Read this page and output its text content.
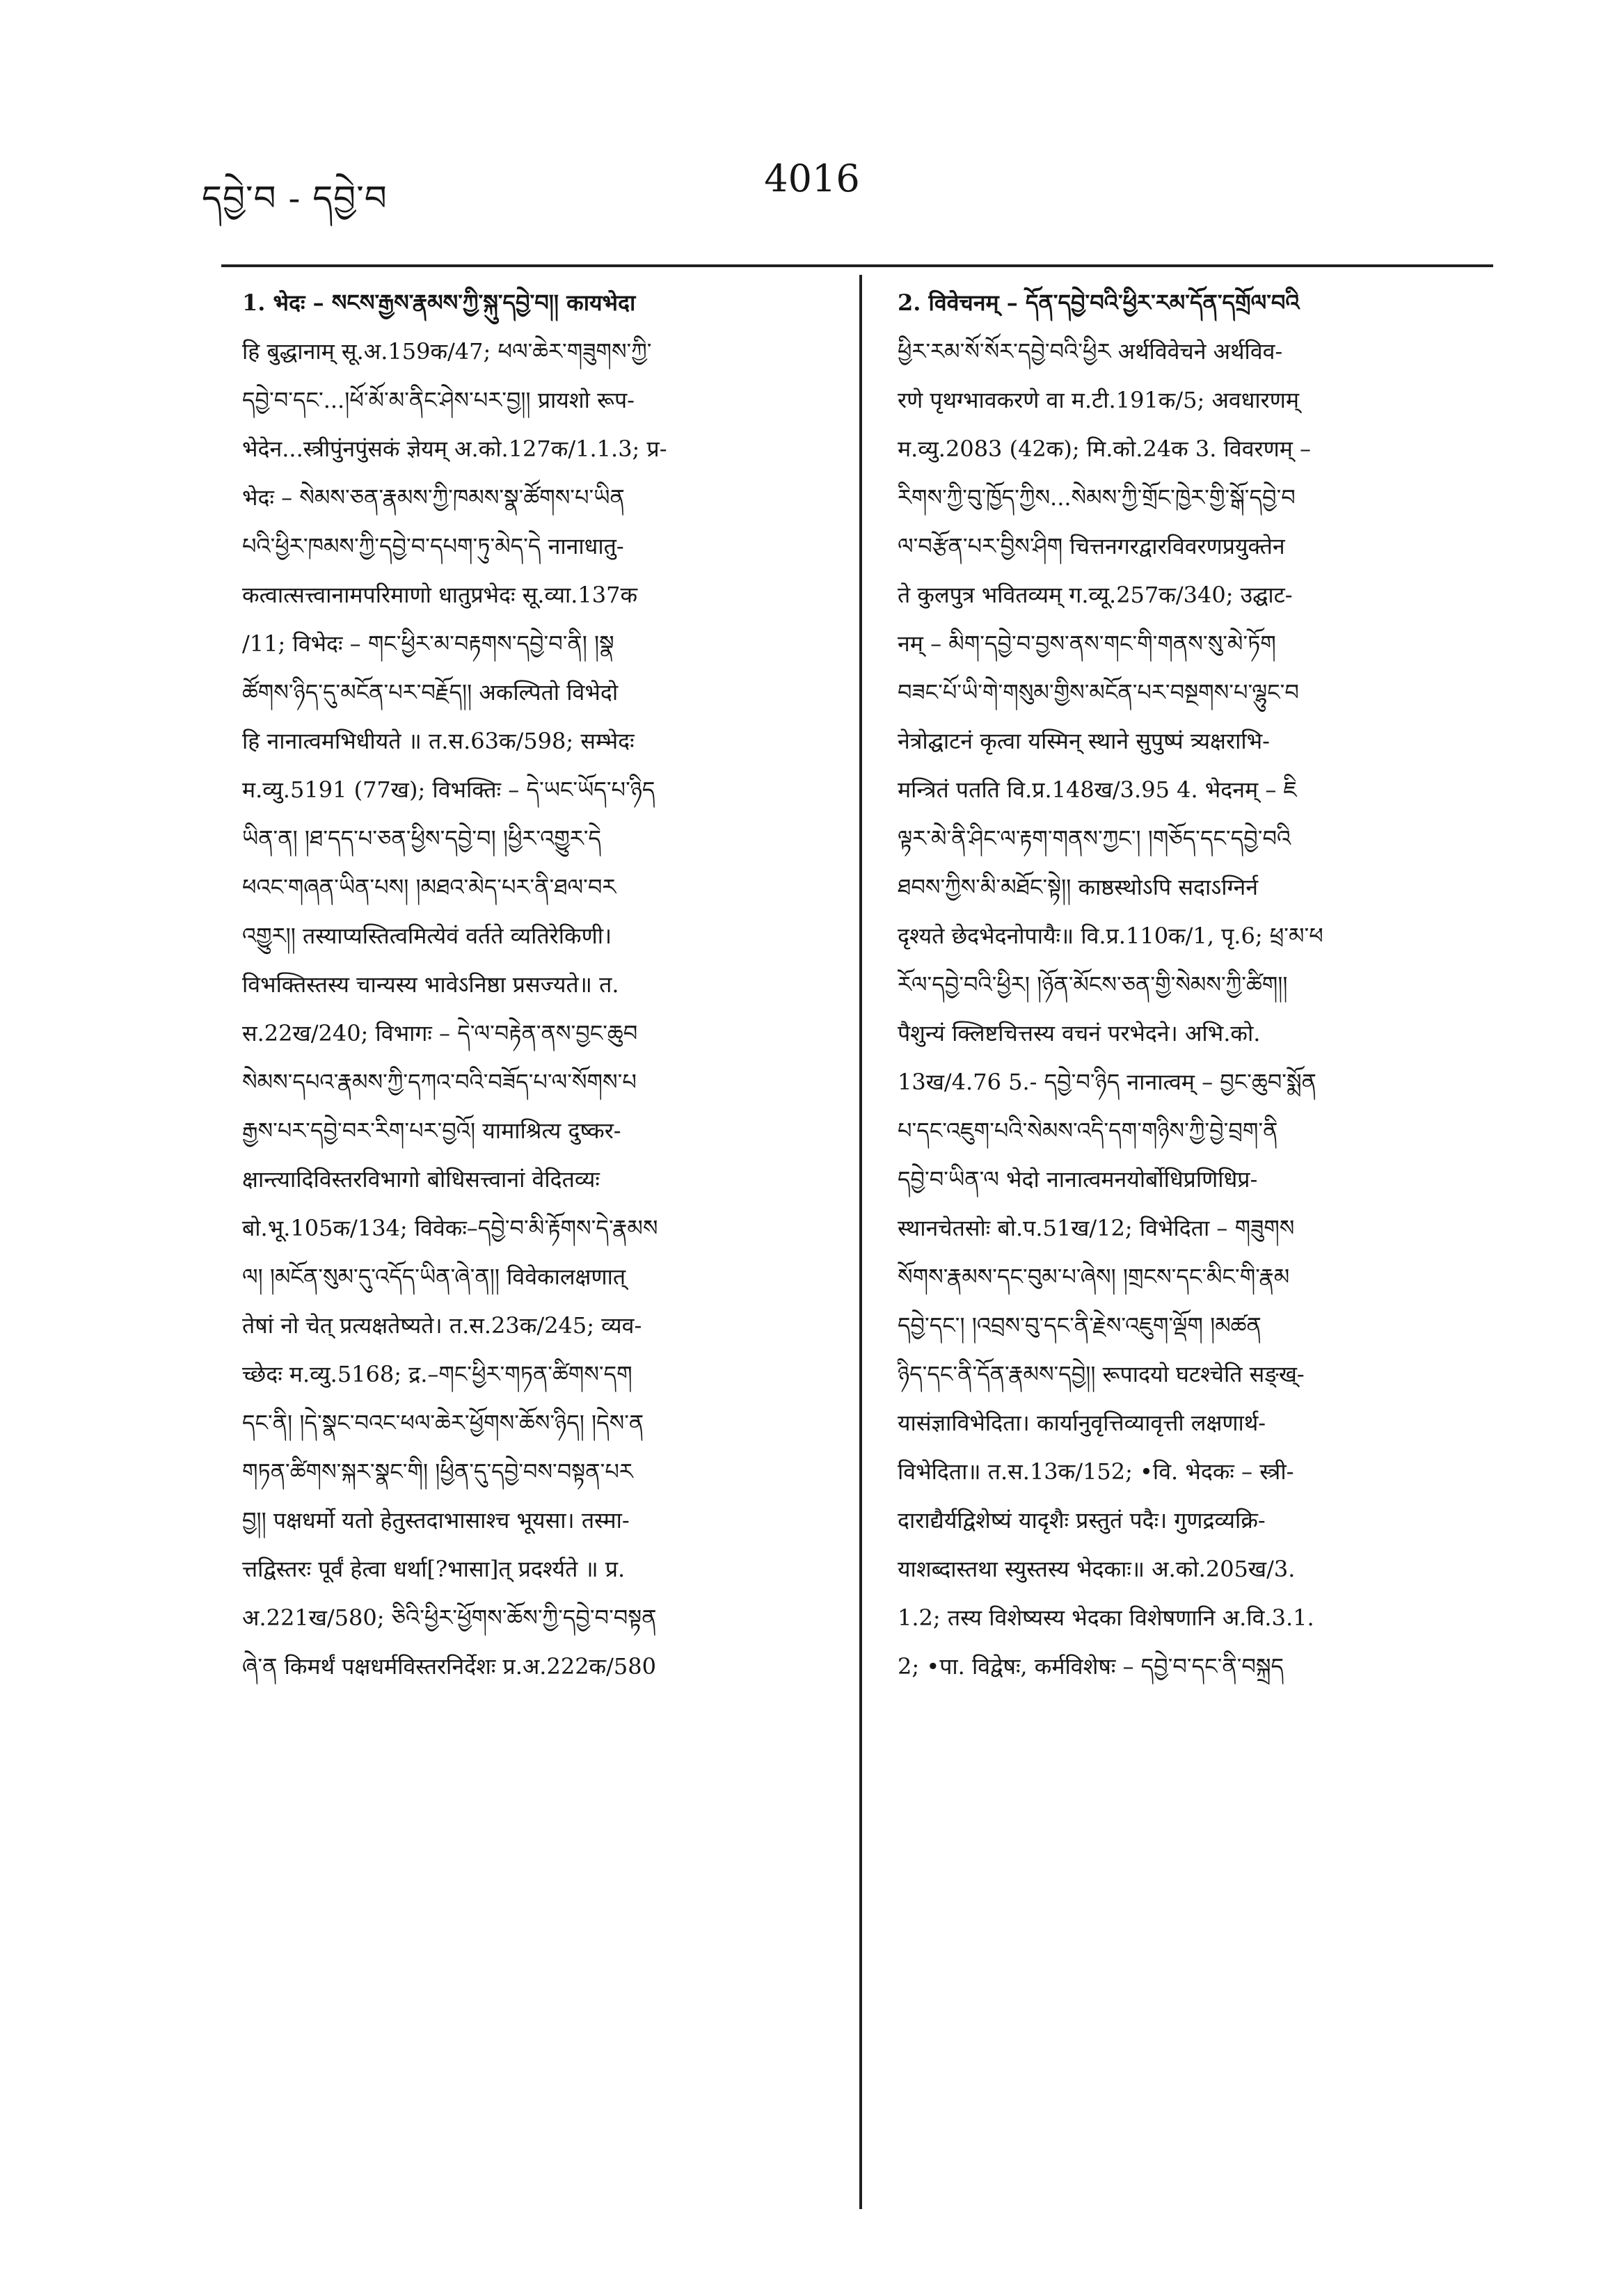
དབྱེ་བ - དབྱེ་བ	4016
1. भेदः – སངས་རྒྱས་རྣམས་ཀྱི་སྐུ་དབྱེ་བ།། कायभेदा
हि बुद्धानाम् सू.अ.159क/47; ཕལ་ཆེར་གཟུགས་ཀྱི་
དབྱེ་བ་དང་...།ཕོ་མོ་མ་ནིང་ཤེས་པར་བྱ།། प्रायशो रूप-
भेदेन...स्त्रीपुंनपुंसकं ज्ञेयम् अ.को.127क/1.1.3; प्र-
भेदः – སེམས་ཅན་རྣམས་ཀྱི་ཁམས་སྣ་ཚོགས་པ་ཡིན
པའི་ཕྱིར་ཁམས་ཀྱི་དབྱེ་བ་དཔག་ཏུ་མེད་དེ नानाधातु-
कत्वात्सत्त्वानामपरिमाणो धातुप्रभेदः सू.व्या.137क
/11; विभेदः – གང་ཕྱིར་མ་བརྟགས་དབྱེ་བ་ནི། །སྣ
ཚོགས་ཉིད་དུ་མངོན་པར་བརྗོད།། अकल्पितो विभेदो
हि नानात्वमभिधीयते ॥ त.स.63क/598; सम्भेदः
म.व्यु.5191 (77ख); विभक्तिः – དེ་ཡང་ཡོད་པ་ཉིད
ཡིན་ན། །ཐ་དད་པ་ཅན་ཕྱིས་དབྱེ་བ། །ཕྱིར་འགྱུར་དེ
ཕའང་གཞན་ཡིན་པས། །མཐའ་མེད་པར་ནི་ཐལ་བར
འགྱུར།། तस्याप्यस्तित्वमित्येवं वर्तते व्यतिरेकिणी।
विभक्तिस्तस्य चान्यस्य भावेऽनिष्ठा प्रसज्यते॥ त.
स.22ख/240; विभागः – དེ་ལ་བརྟེན་ནས་བྱང་ཆུབ
སེམས་དཔའ་རྣམས་ཀྱི་དཀའ་བའི་བཟོད་པ་ལ་སོགས་པ
རྒྱས་པར་དབྱེ་བར་རིག་པར་བྱའོ། यामाश्रित्य दुष्कर-
क्षान्त्यादिविस्तरविभागो बोधिसत्त्वानां वेदितव्यः
बो.भू.105क/134; विवेकः–དབྱེ་བ་མི་རྟོགས་དེ་རྣམས
ལ། །མངོན་སུམ་དུ་འདོད་ཡིན་ཞེ་ན།། विवेकालक्षणात्
तेषां नो चेत् प्रत्यक्षतेष्यते। त.स.23क/245; व्यव-
च्छेदः म.व्यु.5168; द्र.–གང་ཕྱིར་གཏན་ཚིགས་དག
དང་ནི། །དེ་སྣང་བའང་ཕལ་ཆེར་ཕྱོགས་ཆོས་ཉིད། །དེས་ན
གཏན་ཚིགས་སྐར་སྣང་གི། །ཕྱིན་དུ་དབྱེ་བས་བསྟན་པར
བྱ།། पक्षधर्मो यतो हेतुस्तदाभासाश्च भूयसा। तस्मा-
त्तद्विस्तरः पूर्वं हेत्वा धर्था[?भासा]त् प्रदर्श्यते ॥ प्र.
अ.221ख/580; ཅིའི་ཕྱིར་ཕྱོགས་ཆོས་ཀྱི་དབྱེ་བ་བསྟན
ཞེ་ན किमर्थं पक्षधर्मविस्तरनिर्देशः प्र.अ.222क/580
2. विवेचनम् – དོན་དབྱེ་བའི་ཕྱིར་རམ་དོན་དགྲོལ་བའི
ཕྱིར་རམ་སོ་སོར་དབྱེ་བའི་ཕྱིར अर्थविवेचने अर्थविव-
रणे पृथग्भावकरणे वा म.टी.191क/5; अवधारणम्
म.व्यु.2083 (42क); मि.को.24क 3. विवरणम् –
རིགས་ཀྱི་བུ་ཁྱོད་ཀྱིས...སེམས་ཀྱི་གྲོང་ཁྱེར་གྱི་སྒོ་དབྱེ་བ
ལ་བརྩོན་པར་བྱིས་ཤིག चित्तनगरद्वारविवरणप्रयुक्तेन
ते कुलपुत्र भवितव्यम् ग.व्यू.257क/340; उद्घाट-
नम् – མིག་དབྱེ་བ་བྱས་ནས་གང་གི་གནས་སུ་མེ་ཏོག
བཟང་པོ་ཡི་གེ་གསུམ་གྱིས་མངོན་པར་བསྔགས་པ་ལྷུང་བ
नेत्रोद्घाटनं कृत्वा यस्मिन् स्थाने सुपुष्पं त्र्यक्षराभि-
मन्त्रितं पतति वि.प्र.148ख/3.95 4. भेदनम् – ཇི
ལྟར་མེ་ནི་ཤིང་ལ་རྟག་གནས་ཀྱང་། །གཅོད་དང་དབྱེ་བའི
ཐབས་ཀྱིས་མི་མཐོང་སྟེ།། काष्ठस्थोऽपि सदाऽग्निर्न
दृश्यते छेदभेदनोपायैः॥ वि.प्र.110क/1, पृ.6; ཕྲ་མ་ཕ
རོལ་དབྱེ་བའི་ཕྱིར། །ཉོན་མོངས་ཅན་གྱི་སེམས་ཀྱི་ཚིག།།
पैशुन्यं क्लिष्टचित्तस्य वचनं परभेदने। अभि.को.
13ख/4.76 5.- དབྱེ་བ་ཉིད नानात्वम् – བྱང་ཆུབ་སྨོན
པ་དང་འཇུག་པའི་སེམས་འདི་དག་གཉིས་ཀྱི་བྱེ་བྲག་ནི
དབྱེ་བ་ཡིན་ལ भेदो नानात्वमनयोर्बोधिप्रणिधिप्र-
स्थानचेतसोः बो.प.51ख/12; विभेदिता – གཟུགས
སོགས་རྣམས་དང་བུམ་པ་ཞེས། །གྲངས་དང་མིང་གི་རྣམ
དབྱེ་དང་། །འབྲས་བུ་དང་ནི་རྗེས་འཇུག་ལྡོག །མཚན
ཉིད་དང་ནི་དོན་རྣམས་དབྱེ།། रूपादयो घटश्चेति सङ्ख्-
यासंज्ञाविभेदिता। कार्यानुवृत्तिव्यावृत्ती लक्षणार्थ-
विभेदिता॥ त.स.13क/152; •वि. भेदकः – स्त्री-
दाराद्यैर्यद्विशेष्यं यादृशैः प्रस्तुतं पदैः। गुणद्रव्यक्रि-
याशब्दास्तथा स्युस्तस्य भेदकाः॥ अ.को.205ख/3.
1.2; तस्य विशेष्यस्य भेदका विशेषणानि अ.वि.3.1.
2; •पा. विद्वेषः, कर्मविशेषः – དབྱེ་བ་དང་ནི་བསྐྲད
